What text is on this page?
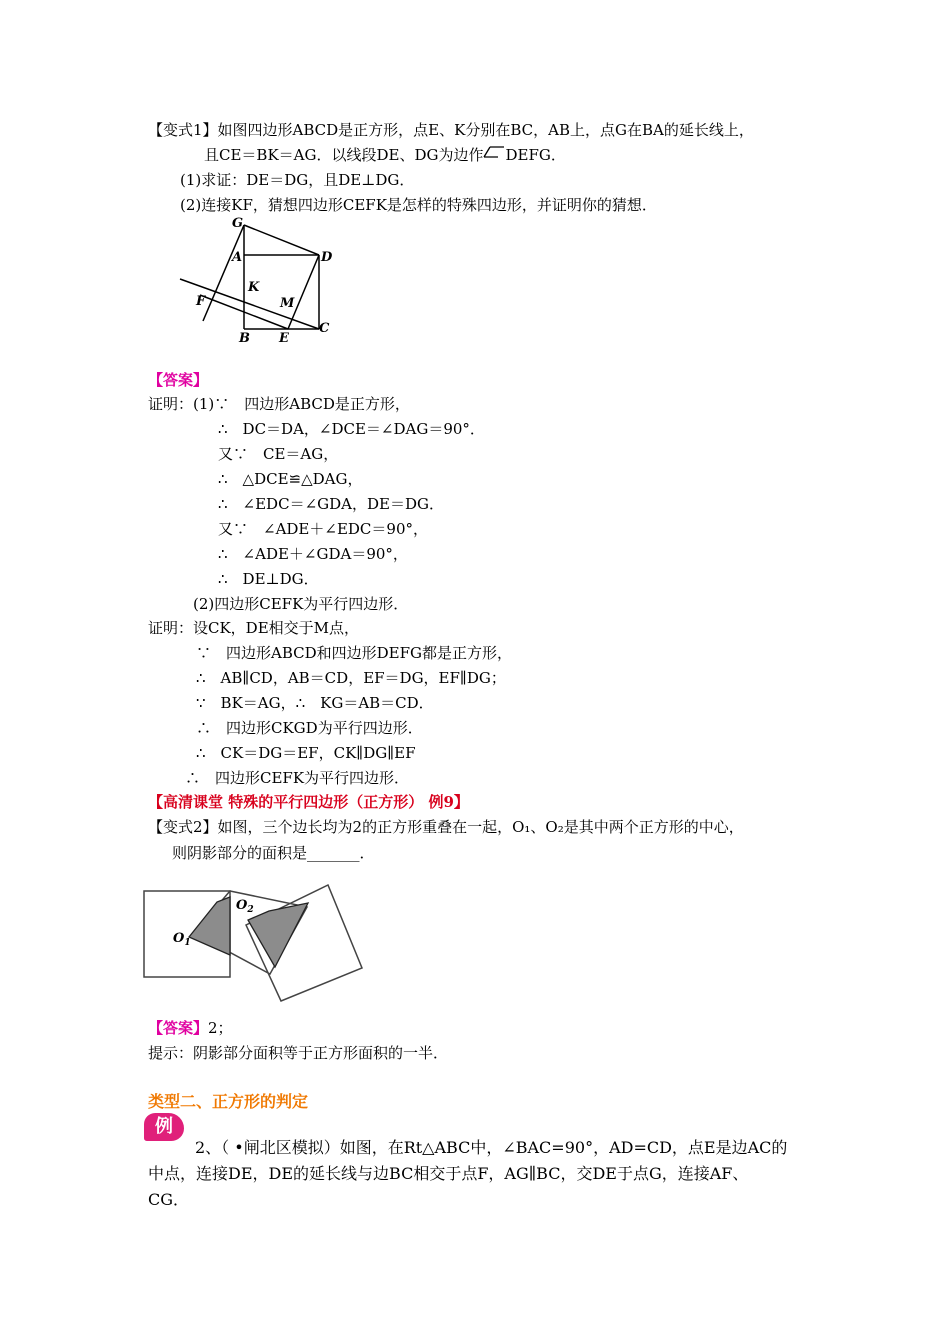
【变式1】如图四边形ABCD是正方形，点E、K分别在BC，AB上，点G在BA的延长线上，
且CE＝BK＝AG．以线段DE、DG为边作 DEFG．
(1)求证：DE＝DG，且DE⊥DG．
(2)连接KF，猜想四边形CEFK是怎样的特殊四边形，并证明你的猜想．
G
A	D
K
F	M
B E
C
【答案】
证明：(1)∵　四边形ABCD是正方形，
∴　DC＝DA，∠DCE＝∠DAG＝90°．
又∵　CE＝AG，
∴　△DCE≌△DAG，
∴　∠EDC＝∠GDA，DE＝DG．
又∵　∠ADE＋∠EDC＝90°，
∴　∠ADE＋∠GDA＝90°，
∴　DE⊥DG．
(2)四边形CEFK为平行四边形．
证明：设CK，DE相交于M点，
∵　四边形ABCD和四边形DEFG都是正方形，
∴　AB∥CD，AB＝CD，EF＝DG，EF∥DG；
∵　BK＝AG，∴　KG＝AB＝CD．
∴　四边形CKGD为平行四边形．
∴　CK＝DG＝EF，CK∥DG∥EF
∴　四边形CEFK为平行四边形．
【高清课堂 特殊的平行四边形（正方形） 例9】
【变式2】如图，三个边长均为2的正方形重叠在一起，O₁、O₂是其中两个正方形的中心，
则阴影部分的面积是_______．
$O_1$
$O_2$
【答案】2；
提示：阴影部分面积等于正方形面积的一半．
类型二、正方形的判定
例
2、（ •闸北区模拟）如图，在Rt△ABC中，∠BAC=90°，AD=CD，点E是边AC的
中点，连接DE，DE的延长线与边BC相交于点F，AG∥BC，交DE于点G，连接AF、
CG．
